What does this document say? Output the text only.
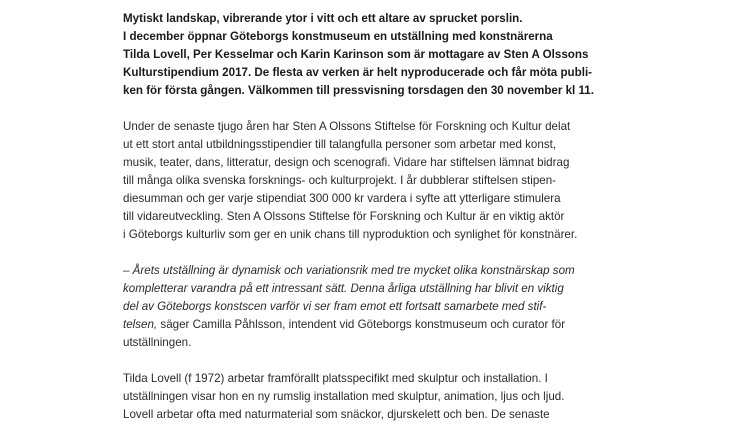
Mytiskt landskap, vibrerande ytor i vitt och ett altare av sprucket porslin.
I december öppnar Göteborgs konstmuseum en utställning med konstnärerna
Tilda Lovell, Per Kesselmar och Karin Karinson som är mottagare av Sten A Olssons
Kulturstipendium 2017. De flesta av verken är helt nyproducerade och får möta publi-
ken för första gången. Välkommen till pressvisning torsdagen den 30 november kl 11.
Under de senaste tjugo åren har Sten A Olssons Stiftelse för Forskning och Kultur delat
ut ett stort antal utbildningsstipendier till talangfulla personer som arbetar med konst,
musik, teater, dans, litteratur, design och scenografi. Vidare har stiftelsen lämnat bidrag
till många olika svenska forsknings- och kulturprojekt. I år dubblerar stiftelsen stipen-
diesumman och ger varje stipendiat 300 000 kr vardera i syfte att ytterligare stimulera
till vidareutveckling. Sten A Olssons Stiftelse för Forskning och Kultur är en viktig aktör
i Göteborgs kulturliv som ger en unik chans till nyproduktion och synlighet för konstnärer.
– Årets utställning är dynamisk och variationsrik med tre mycket olika konstnärskap som
kompletterar varandra på ett intressant sätt. Denna årliga utställning har blivit en viktig
del av Göteborgs konstscen varför vi ser fram emot ett fortsatt samarbete med stif-
telsen, säger Camilla Påhlsson, intendent vid Göteborgs konstmuseum och curator för
utställningen.
Tilda Lovell (f 1972) arbetar framförallt platsspecifikt med skulptur och installation. I
utställningen visar hon en ny rumslig installation med skulptur, animation, ljus och ljud.
Lovell arbetar ofta med naturmaterial som snäckor, djurskelett och ben. De senaste
